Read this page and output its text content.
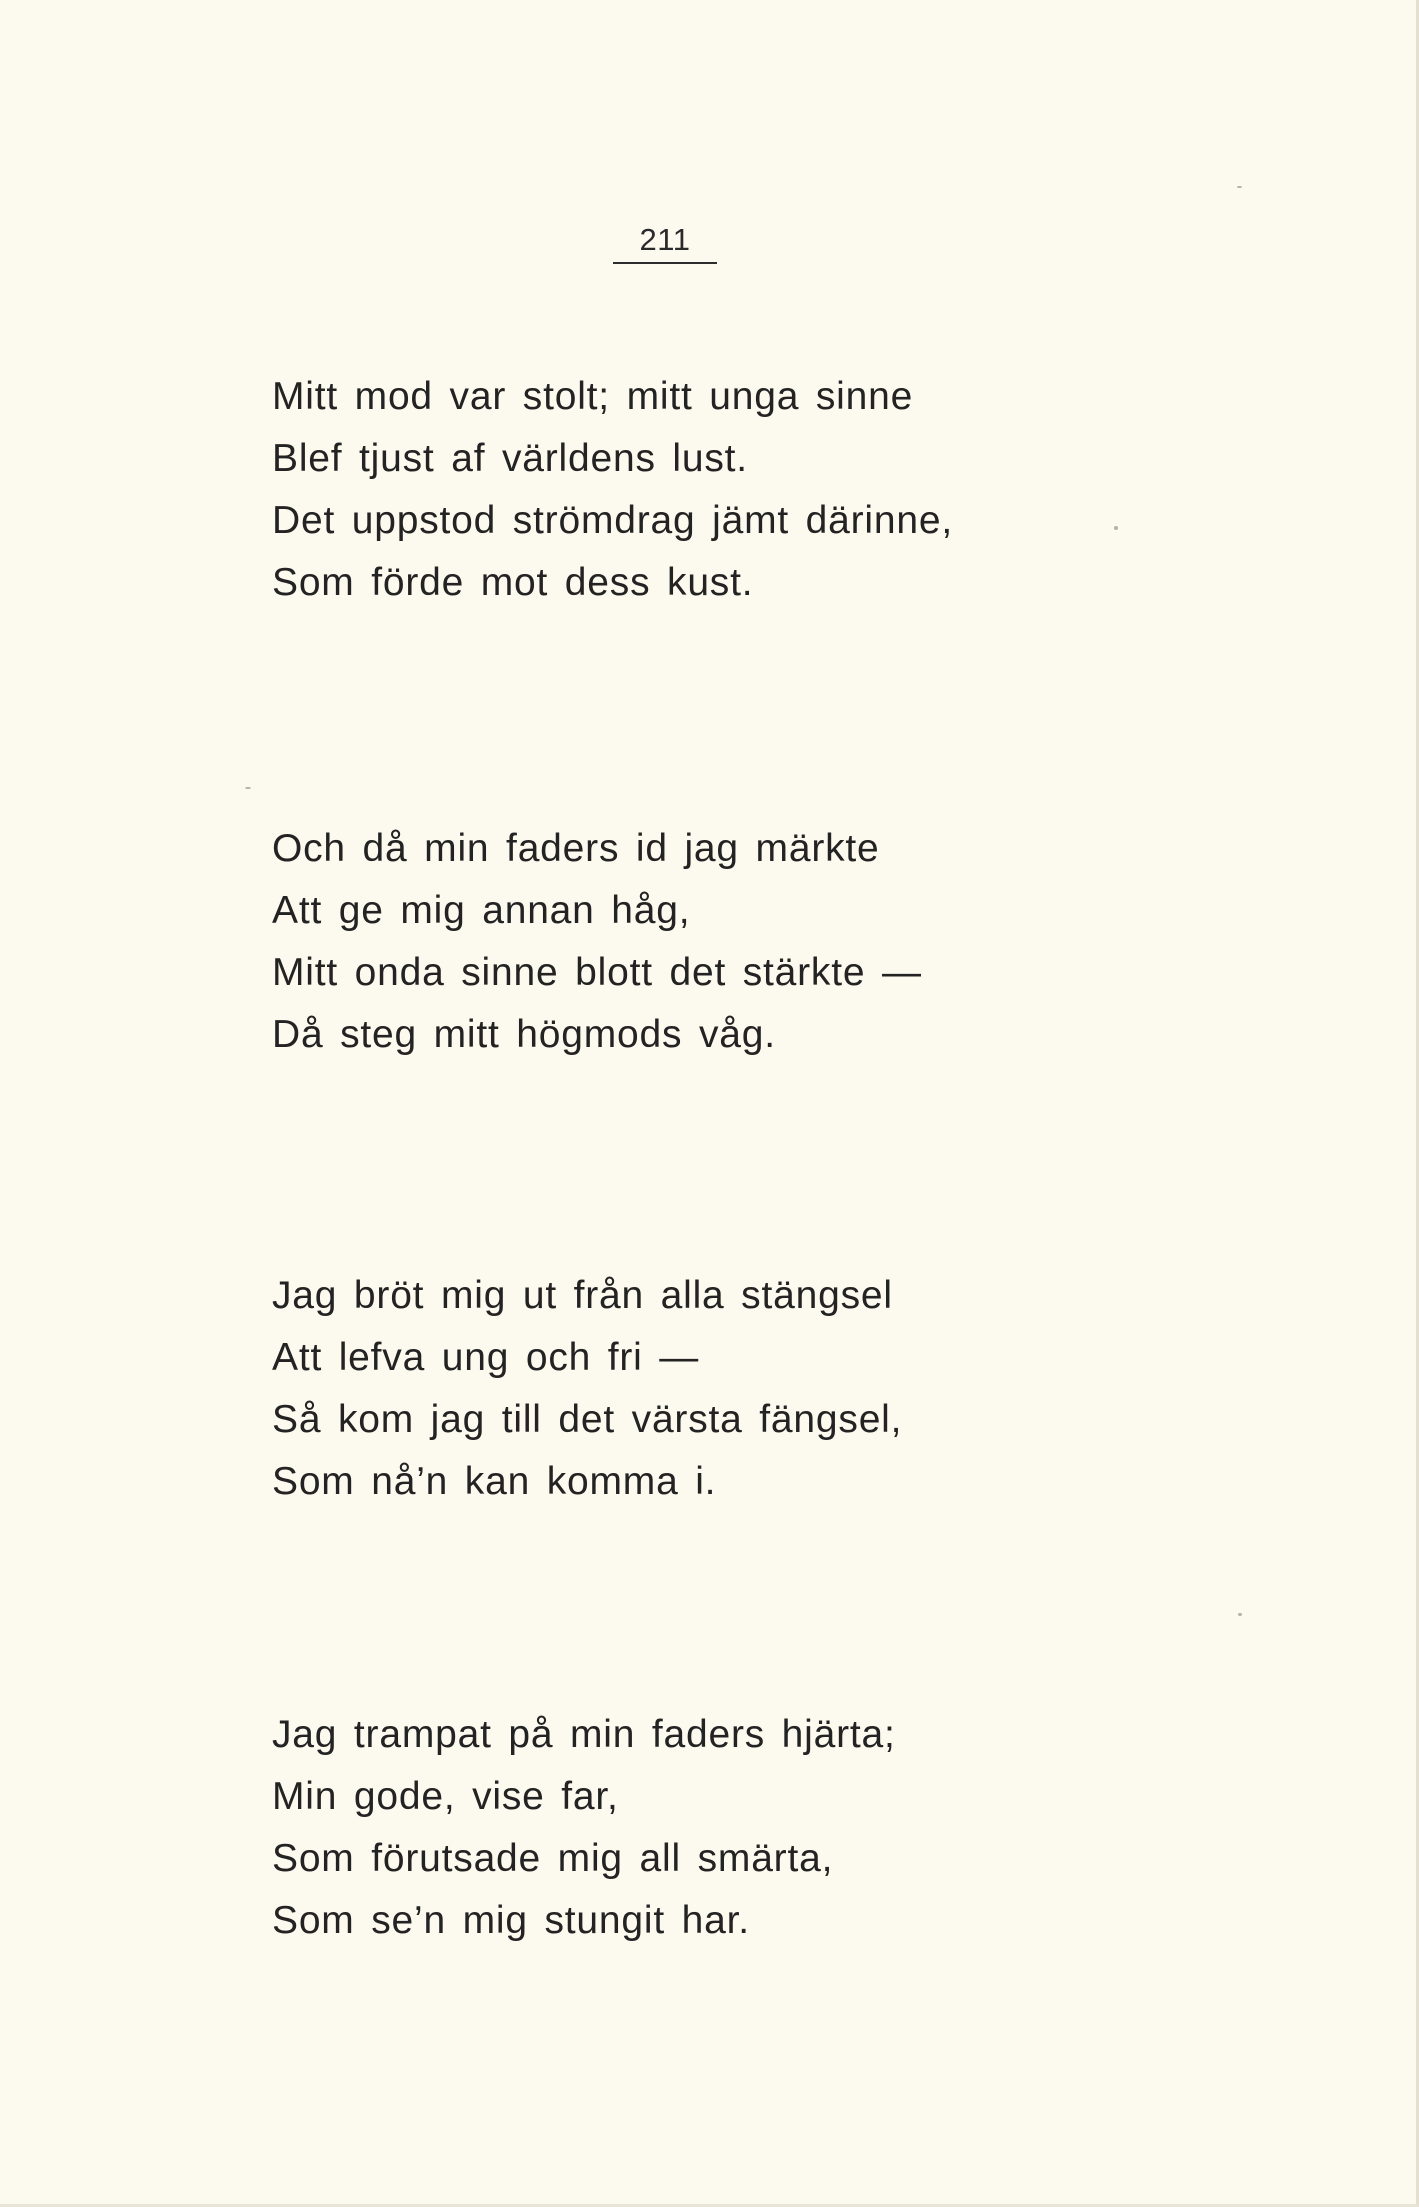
211
Mitt mod var stolt; mitt unga sinne
Blef tjust af världens lust.
Det uppstod strömdrag jämt därinne,
Som förde mot dess kust.
Och då min faders id jag märkte
Att ge mig annan håg,
Mitt onda sinne blott det stärkte —
Då steg mitt högmods våg.
Jag bröt mig ut från alla stängsel
Att lefva ung och fri —
Så kom jag till det värsta fängsel,
Som nå’n kan komma i.
Jag trampat på min faders hjärta;
Min gode, vise far,
Som förutsade mig all smärta,
Som se’n mig stungit har.
